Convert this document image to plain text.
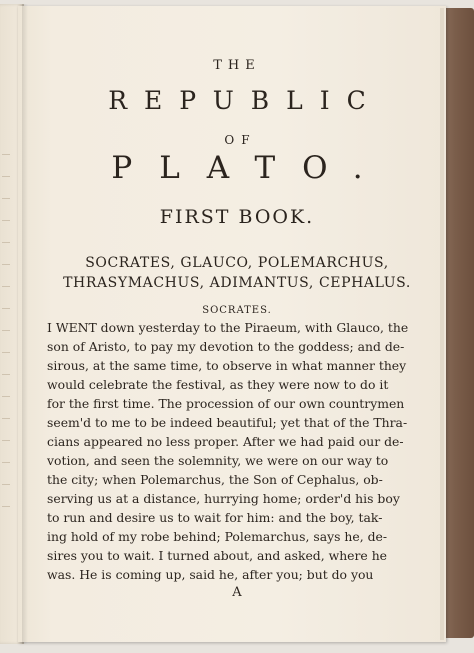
THE
REPUBLIC
OF
PLATO.
FIRST BOOK.
SOCRATES, GLAUCO, POLEMARCHUS,
THRASYMACHUS, ADIMANTUS, CEPHALUS.
SOCRATES.
I WENT down yesterday to the Piraeum, with Glauco, the
son of Aristo, to pay my devotion to the goddess; and de-
sirous, at the same time, to observe in what manner they
would celebrate the festival, as they were now to do it
for the first time. The procession of our own countrymen
seem'd to me to be indeed beautiful; yet that of the Thra-
cians appeared no less proper. After we had paid our de-
votion, and seen the solemnity, we were on our way to
the city; when Polemarchus, the Son of Cephalus, ob-
serving us at a distance, hurrying home; order'd his boy
to run and desire us to wait for him: and the boy, tak-
ing hold of my robe behind; Polemarchus, says he, de-
sires you to wait. I turned about, and asked, where he
was. He is coming up, said he, after you; but do you
A
